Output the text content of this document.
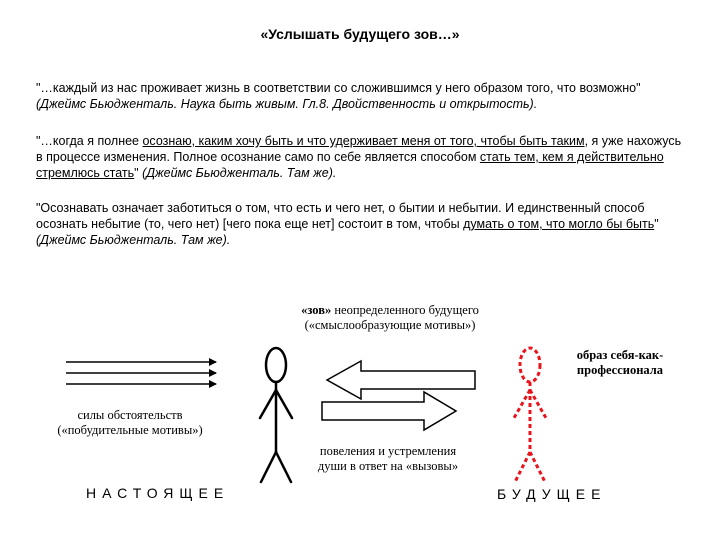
«Услышать будущего зов…»
"…каждый из нас проживает жизнь в соответствии со сложившимся у него образом того, что возможно" (Джеймс Бьюдженталь. Наука быть живым. Гл.8. Двойственность и открытость).
"…когда я полнее осознаю, каким хочу быть и что удерживает меня от того, чтобы быть таким, я уже нахожусь в процессе изменения. Полное осознание само по себе является способом стать тем, кем я действительно стремлюсь стать" (Джеймс Бьюдженталь. Там же).
"Осознавать означает заботиться о том, что есть и чего нет, о бытии и небытии. И единственный способ осознать небытие (то, чего нет) [чего пока еще нет] состоит в том, чтобы думать о том, что могло бы быть" (Джеймс Бьюдженталь. Там же).
«зов» неопределенного будущего
(«смыслообразующие мотивы»)
образ себя-как-профессионала
силы обстоятельств
(«побудительные мотивы»)
повеления и устремления
души в ответ на «вызовы»
НАСТОЯЩЕЕ	БУДУЩЕЕ
